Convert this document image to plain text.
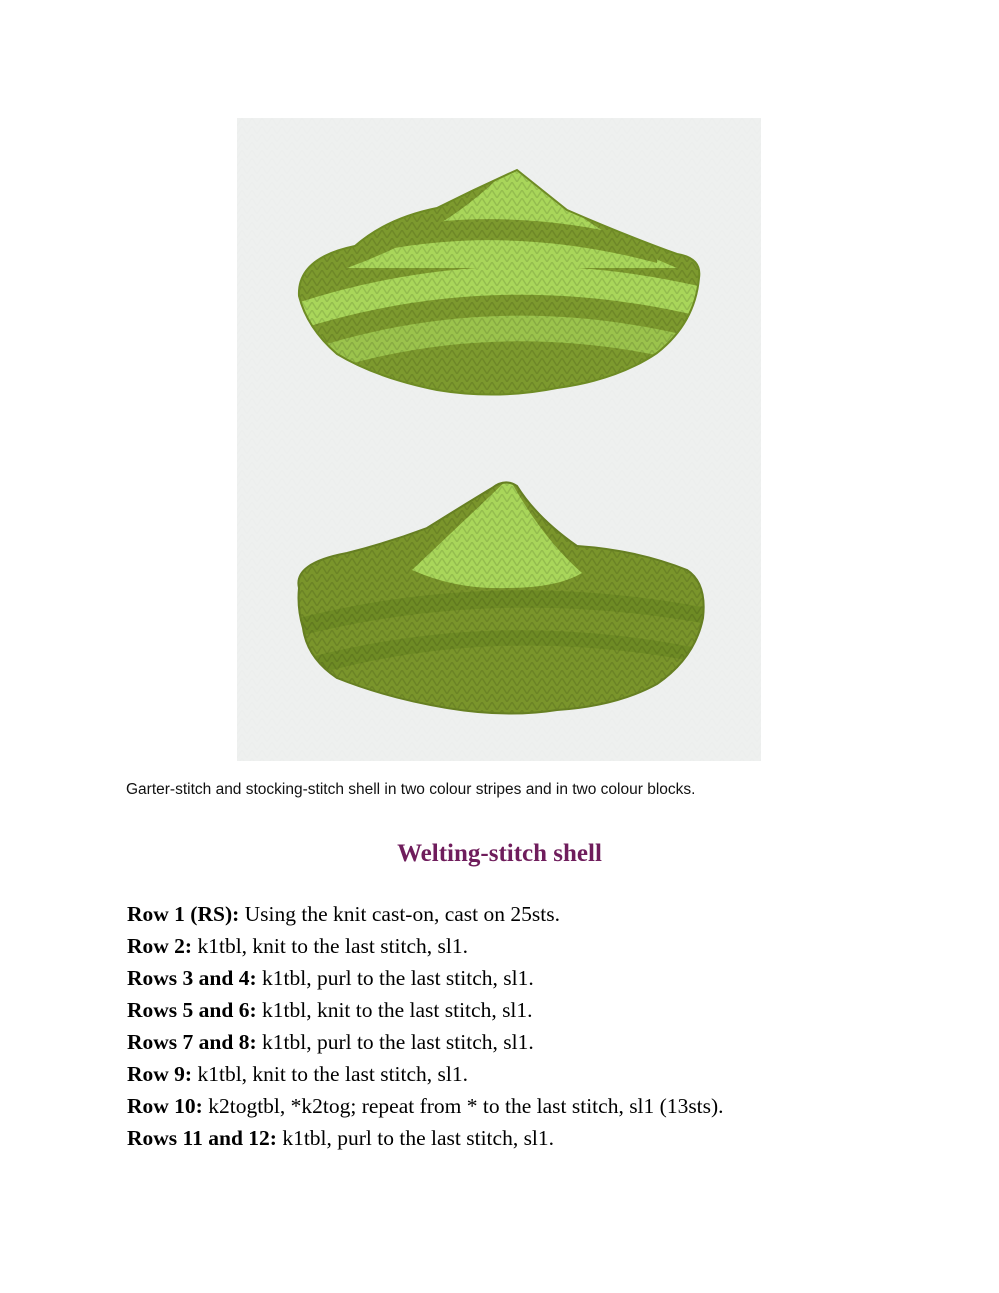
Garter-stitch and stocking-stitch shell in two colour stripes and in two colour blocks.
Welting-stitch shell
Row 1 (RS): Using the knit cast-on, cast on 25sts.
Row 2: k1tbl, knit to the last stitch, sl1.
Rows 3 and 4: k1tbl, purl to the last stitch, sl1.
Rows 5 and 6: k1tbl, knit to the last stitch, sl1.
Rows 7 and 8: k1tbl, purl to the last stitch, sl1.
Row 9: k1tbl, knit to the last stitch, sl1.
Row 10: k2togtbl, *k2tog; repeat from * to the last stitch, sl1 (13sts).
Rows 11 and 12: k1tbl, purl to the last stitch, sl1.
